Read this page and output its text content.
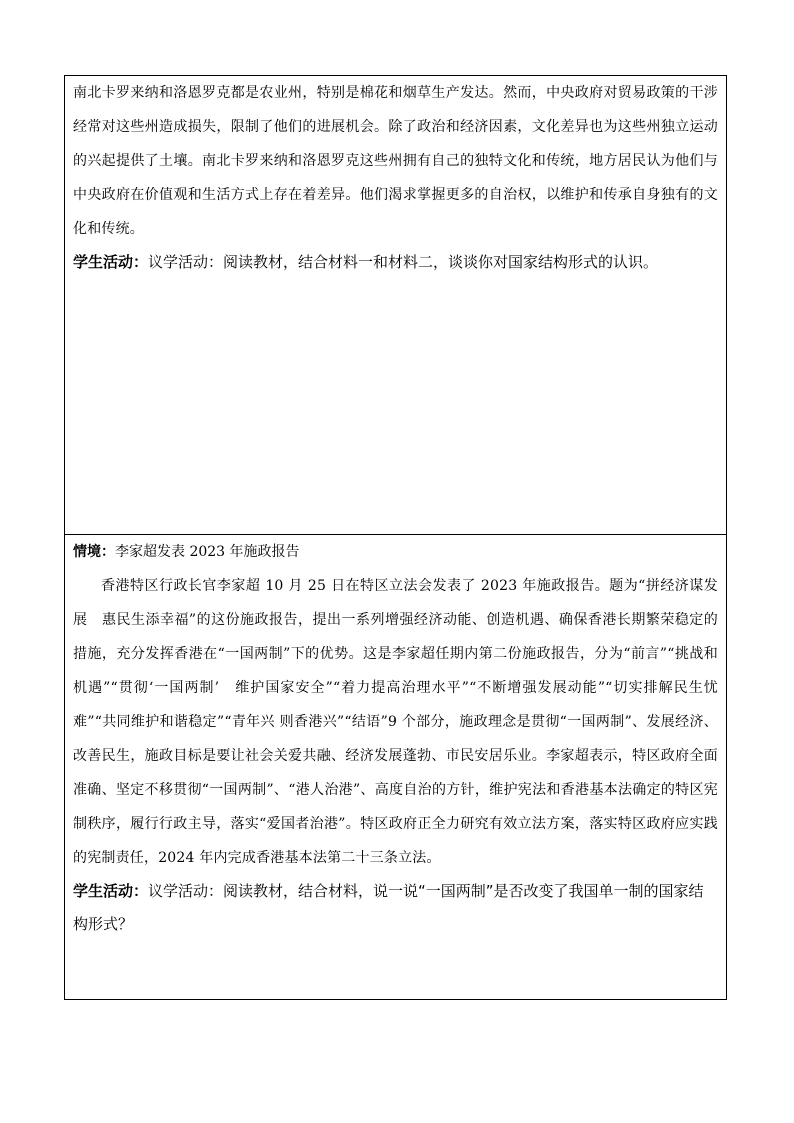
南北卡罗来纳和洛恩罗克都是农业州，特别是棉花和烟草生产发达。然而，中央政府对贸易政策的干涉经常对这些州造成损失，限制了他们的进展机会。除了政治和经济因素，文化差异也为这些州独立运动的兴起提供了土壤。南北卡罗来纳和洛恩罗克这些州拥有自己的独特文化和传统，地方居民认为他们与中央政府在价值观和生活方式上存在着差异。他们渴求掌握更多的自治权，以维护和传承自身独有的文化和传统。

学生活动：议学活动：阅读教材，结合材料一和材料二，谈谈你对国家结构形式的认识。

情境：李家超发表 2023 年施政报告

香港特区行政长官李家超 10 月 25 日在特区立法会发表了 2023 年施政报告。题为“拼经济谋发展　惠民生添幸福”的这份施政报告，提出一系列增强经济动能、创造机遇、确保香港长期繁荣稳定的措施，充分发挥香港在“一国两制”下的优势。这是李家超任期内第二份施政报告，分为“前言”“挑战和机遇”“贯彻‘一国两制’　维护国家安全”“着力提高治理水平”“不断增强发展动能”“切实排解民生忧难”“共同维护和谐稳定”“青年兴 则香港兴”“结语”9 个部分，施政理念是贯彻“一国两制”、发展经济、改善民生，施政目标是要让社会关爱共融、经济发展蓬勃、市民安居乐业。李家超表示，特区政府全面准确、坚定不移贯彻“一国两制”、“港人治港”、高度自治的方针，维护宪法和香港基本法确定的特区宪制秩序，履行行政主导，落实“爱国者治港”。特区政府正全力研究有效立法方案，落实特区政府应实践的宪制责任，2024 年内完成香港基本法第二十三条立法。

学生活动：议学活动：阅读教材，结合材料，说一说“一国两制”是否改变了我国单一制的国家结构形式？
